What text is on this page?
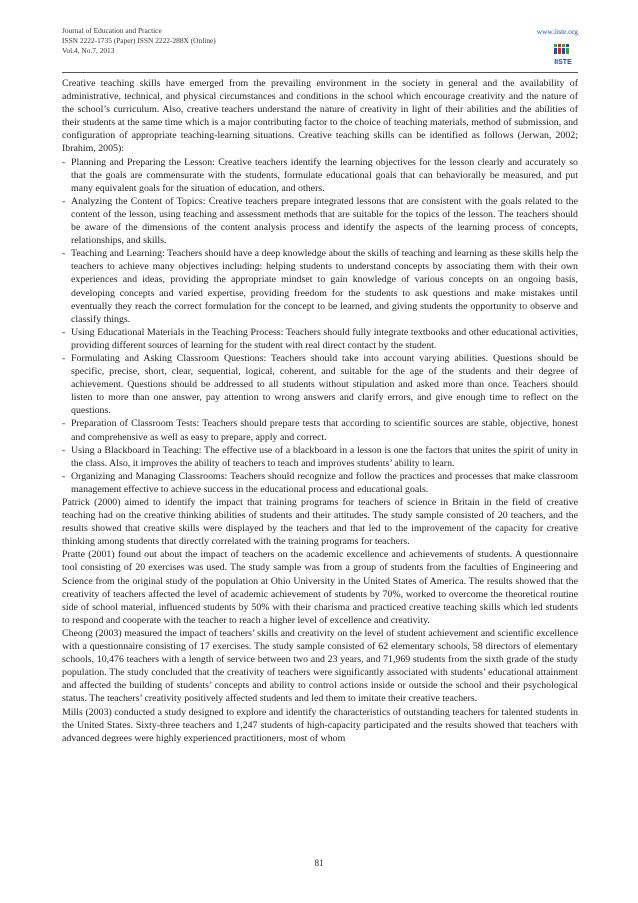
Journal of Education and Practice
ISSN 2222-1735 (Paper) ISSN 2222-288X (Online)
Vol.4, No.7, 2013
www.iiste.org
IISTE

Creative teaching skills have emerged from the prevailing environment in the society in general and the availability of administrative, technical, and physical circumstances and conditions in the school which encourage creativity and the nature of the school’s curriculum. Also, creative teachers understand the nature of creativity in light of their abilities and the abilities of their students at the same time which is a major contributing factor to the choice of teaching materials, method of submission, and configuration of appropriate teaching-learning situations. Creative teaching skills can be identified as follows (Jerwan, 2002; Ibrahim, 2005):

- Planning and Preparing the Lesson: Creative teachers identify the learning objectives for the lesson clearly and accurately so that the goals are commensurate with the students, formulate educational goals that can behaviorally be measured, and put many equivalent goals for the situation of education, and others.

- Analyzing the Content of Topics: Creative teachers prepare integrated lessons that are consistent with the goals related to the content of the lesson, using teaching and assessment methods that are suitable for the topics of the lesson. The teachers should be aware of the dimensions of the content analysis process and identify the aspects of the learning process of concepts, relationships, and skills.

- Teaching and Learning: Teachers should have a deep knowledge about the skills of teaching and learning as these skills help the teachers to achieve many objectives including: helping students to understand concepts by associating them with their own experiences and ideas, providing the appropriate mindset to gain knowledge of various concepts on an ongoing basis, developing concepts and varied expertise, providing freedom for the students to ask questions and make mistakes until eventually they reach the correct formulation for the concept to be learned, and giving students the opportunity to observe and classify things.

- Using Educational Materials in the Teaching Process: Teachers should fully integrate textbooks and other educational activities, providing different sources of learning for the student with real direct contact by the student.

- Formulating and Asking Classroom Questions: Teachers should take into account varying abilities. Questions should be specific, precise, short, clear, sequential, logical, coherent, and suitable for the age of the students and their degree of achievement. Questions should be addressed to all students without stipulation and asked more than once. Teachers should listen to more than one answer, pay attention to wrong answers and clarify errors, and give enough time to reflect on the questions.

- Preparation of Classroom Tests: Teachers should prepare tests that according to scientific sources are stable, objective, honest and comprehensive as well as easy to prepare, apply and correct.

- Using a Blackboard in Teaching: The effective use of a blackboard in a lesson is one the factors that unites the spirit of unity in the class. Also, it improves the ability of teachers to teach and improves students’ ability to learn.

- Organizing and Managing Classrooms: Teachers should recognize and follow the practices and processes that make classroom management effective to achieve success in the educational process and educational goals.

Patrick (2000) aimed to identify the impact that training programs for teachers of science in Britain in the field of creative teaching had on the creative thinking abilities of students and their attitudes. The study sample consisted of 20 teachers, and the results showed that creative skills were displayed by the teachers and that led to the improvement of the capacity for creative thinking among students that directly correlated with the training programs for teachers.

Pratte (2001) found out about the impact of teachers on the academic excellence and achievements of students. A questionnaire tool consisting of 20 exercises was used. The study sample was from a group of students from the faculties of Engineering and Science from the original study of the population at Ohio University in the United States of America. The results showed that the creativity of teachers affected the level of academic achievement of students by 70%, worked to overcome the theoretical routine side of school material, influenced students by 50% with their charisma and practiced creative teaching skills which led students to respond and cooperate with the teacher to reach a higher level of excellence and creativity.

Cheong (2003) measured the impact of teachers’ skills and creativity on the level of student achievement and scientific excellence with a questionnaire consisting of 17 exercises. The study sample consisted of 62 elementary schools, 58 directors of elementary schools, 10,476 teachers with a length of service between two and 23 years, and 71,969 students from the sixth grade of the study population. The study concluded that the creativity of teachers were significantly associated with students’ educational attainment and affected the building of students’ concepts and ability to control actions inside or outside the school and their psychological status. The teachers’ creativity positively affected students and led them to imitate their creative teachers.

Mills (2003) conducted a study designed to explore and identify the characteristics of outstanding teachers for talented students in the United States. Sixty-three teachers and 1,247 students of high-capacity participated and the results showed that teachers with advanced degrees were highly experienced practitioners, most of whom

81
